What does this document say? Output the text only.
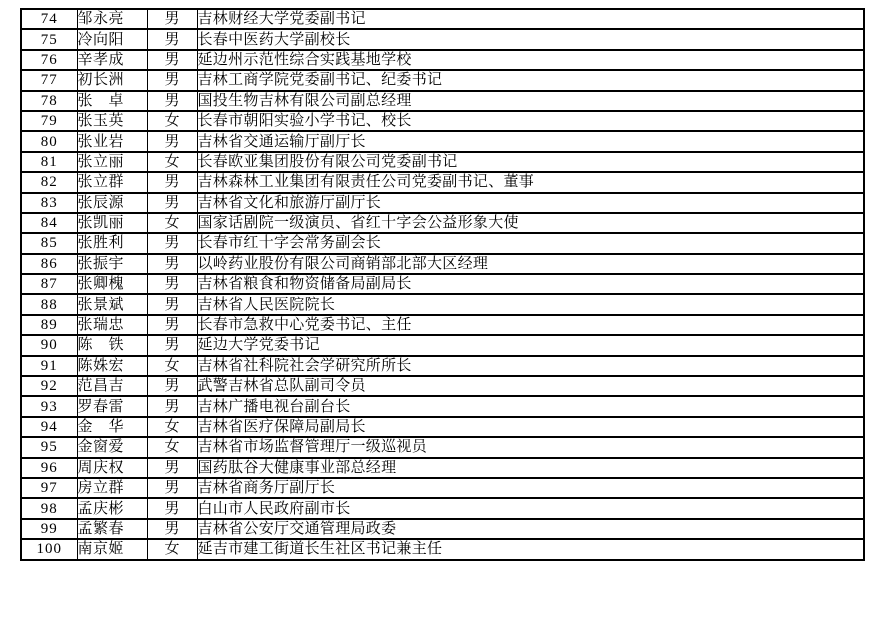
74	邹永亮	男	吉林财经大学党委副书记
75	冷向阳	男	长春中医药大学副校长
76	辛孝成	男	延边州示范性综合实践基地学校
77	初长洲	男	吉林工商学院党委副书记、纪委书记
78	张　卓	男	国投生物吉林有限公司副总经理
79	张玉英	女	长春市朝阳实验小学书记、校长
80	张业岩	男	吉林省交通运输厅副厅长
81	张立丽	女	长春欧亚集团股份有限公司党委副书记
82	张立群	男	吉林森林工业集团有限责任公司党委副书记、董事
83	张辰源	男	吉林省文化和旅游厅副厅长
84	张凯丽	女	国家话剧院一级演员、省红十字会公益形象大使
85	张胜利	男	长春市红十字会常务副会长
86	张振宇	男	以岭药业股份有限公司商销部北部大区经理
87	张卿槐	男	吉林省粮食和物资储备局副局长
88	张景斌	男	吉林省人民医院院长
89	张瑞忠	男	长春市急救中心党委书记、主任
90	陈　铁	男	延边大学党委书记
91	陈姝宏	女	吉林省社科院社会学研究所所长
92	范昌吉	男	武警吉林省总队副司令员
93	罗春雷	男	吉林广播电视台副台长
94	金　华	女	吉林省医疗保障局副局长
95	金窗爱	女	吉林省市场监督管理厅一级巡视员
96	周庆权	男	国药肽谷大健康事业部总经理
97	房立群	男	吉林省商务厅副厅长
98	孟庆彬	男	白山市人民政府副市长
99	孟繁春	男	吉林省公安厅交通管理局政委
100	南京姬	女	延吉市建工街道长生社区书记兼主任
